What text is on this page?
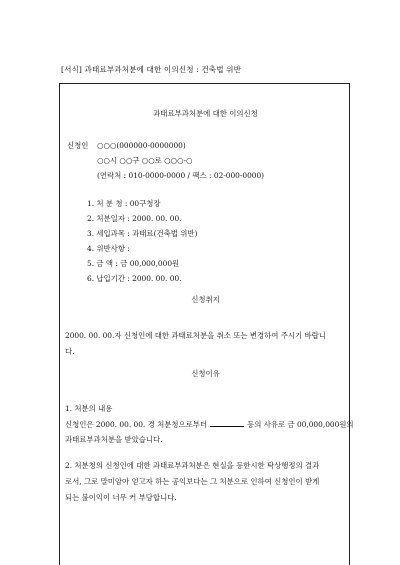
[서식] 과태료부과처분에 대한 이의신청 : 건축법 위반
과태료부과처분에 대한 이의신청
신청인 ○○○(000000-0000000)
○○시 ○○구 ○○로 ○○○-○
(연락처 : 010-0000-0000 / 팩스 : 02-000-0000)
1. 처 분 청 : 00구청장
2. 처분일자 : 2000. 00. 00.
3. 세입과목 : 과태료(건축법 위반)
4. 위반사항 :
5. 금 액 : 금 00,000,000원
6. 납입기간 : 2000. 00. 00.
신청취지
2000. 00. 00.자 신청인에 대한 과태료처분을 취소 또는 변경하여 주시기 바랍니
다.
신청이유
1. 처분의 내용
신청인은 2000. 00. 00. 경 처분청으로부터	등의 사유로 금 00,000,000원의
과태료부과처분을 받았습니다.
2. 처분청의 신청인에 대한 과태료부과처분은 현실을 등한시한 탁상행정의 결과
로서, 그로 말미암아 얻고자 하는 공익보다는 그 처분으로 인하여 신청인이 받게
되는 불이익이 너무 커 부당합니다.
